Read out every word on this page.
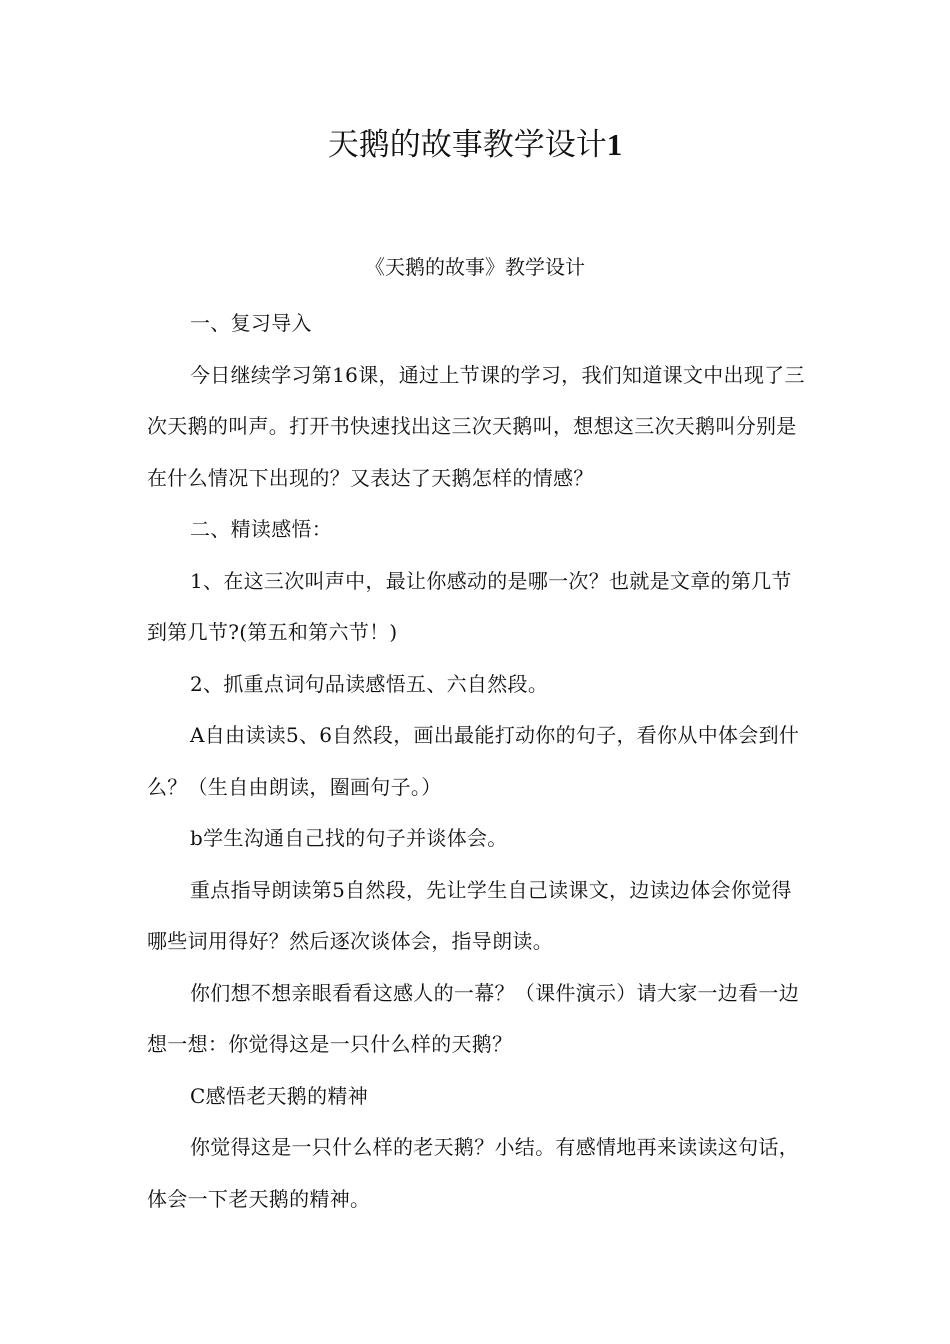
天鹅的故事教学设计1

《天鹅的故事》教学设计

一、复习导入

今日继续学习第16课，通过上节课的学习，我们知道课文中出现了三次天鹅的叫声。打开书快速找出这三次天鹅叫，想想这三次天鹅叫分别是在什么情况下出现的？又表达了天鹅怎样的情感？

二、精读感悟：

1、在这三次叫声中，最让你感动的是哪一次？也就是文章的第几节到第几节?(第五和第六节！)

2、抓重点词句品读感悟五、六自然段。

A自由读读5、6自然段，画出最能打动你的句子，看你从中体会到什么？（生自由朗读，圈画句子。）

b学生沟通自己找的句子并谈体会。

重点指导朗读第5自然段，先让学生自己读课文，边读边体会你觉得哪些词用得好？然后逐次谈体会，指导朗读。

你们想不想亲眼看看这感人的一幕？（课件演示）请大家一边看一边想一想：你觉得这是一只什么样的天鹅？

C感悟老天鹅的精神

你觉得这是一只什么样的老天鹅？小结。有感情地再来读读这句话，体会一下老天鹅的精神。
